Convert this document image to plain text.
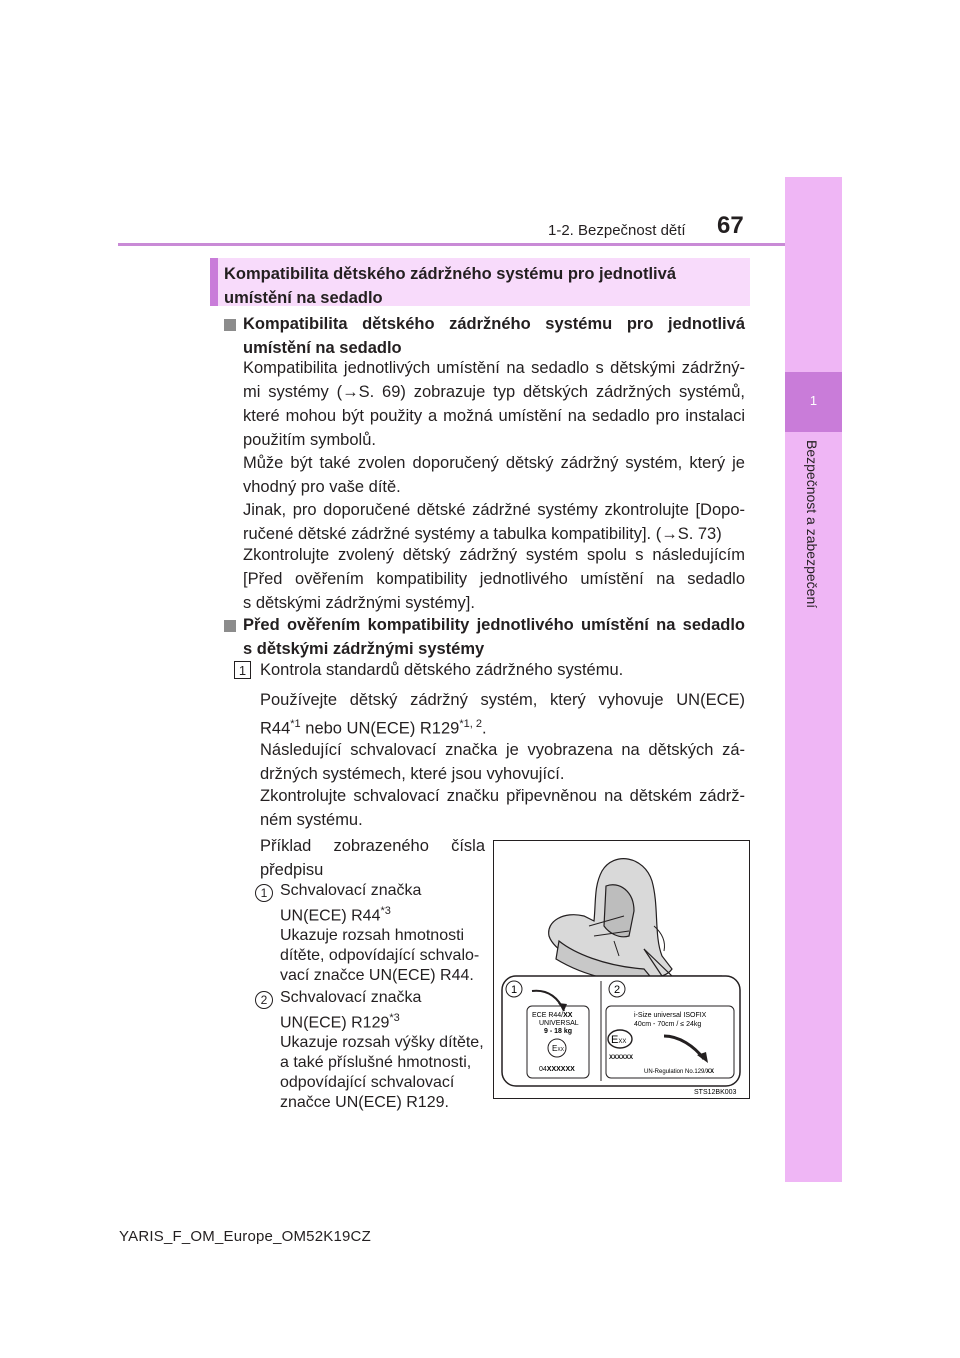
1-2. Bezpečnost dětí 67
1
Bezpečnost a zabezpečení
Kompatibilita dětského zádržného systému pro jednotlivá
umístění na sedadlo
Kompatibilita dětského zádržného systému pro jednotlivá
umístění na sedadlo
Kompatibilita jednotlivých umístění na sedadlo s dětskými zádržný-
mi systémy (→S. 69) zobrazuje typ dětských zádržných systémů,
které mohou být použity a možná umístění na sedadlo pro instalaci
použitím symbolů.
Může být také zvolen doporučený dětský zádržný systém, který je
vhodný pro vaše dítě.
Jinak, pro doporučené dětské zádržné systémy zkontrolujte [Dopo-
ručené dětské zádržné systémy a tabulka kompatibility]. (→S. 73)
Zkontrolujte zvolený dětský zádržný systém spolu s následujícím
[Před ověřením kompatibility jednotlivého umístění na sedadlo
s dětskými zádržnými systémy].
Před ověřením kompatibility jednotlivého umístění na sedadlo
s dětskými zádržnými systémy
1 Kontrola standardů dětského zádržného systému.
Používejte dětský zádržný systém, který vyhovuje UN(ECE)
R44$^{*1}$ nebo UN(ECE) R129$^{*1, 2}$.
Následující schvalovací značka je vyobrazena na dětských zá-
držných systémech, které jsou vyhovující.
Zkontrolujte schvalovací značku připevněnou na dětském zádrž-
ném systému.
Příklad zobrazeného čísla
předpisu
1 Schvalovací značka
UN(ECE) R44$^{*3}$
Ukazuje rozsah hmotnosti
dítěte, odpovídající schvalo-
vací značce UN(ECE) R44.
2 Schvalovací značka
UN(ECE) R129$^{*3}$
Ukazuje rozsah výšky dítěte,
a také příslušné hmotnosti,
odpovídající schvalovací
značce UN(ECE) R129.
1	2
ECE R44/XX
UNIVERSAL
9 - 18 kg
EXX
04XXXXXX
i-Size universal ISOFIX
40cm - 70cm / ≤ 24kg
EXX
XXXXXX
UN-Regulation No.129/XX
STS12BK003
YARIS_F_OM_Europe_OM52K19CZ
